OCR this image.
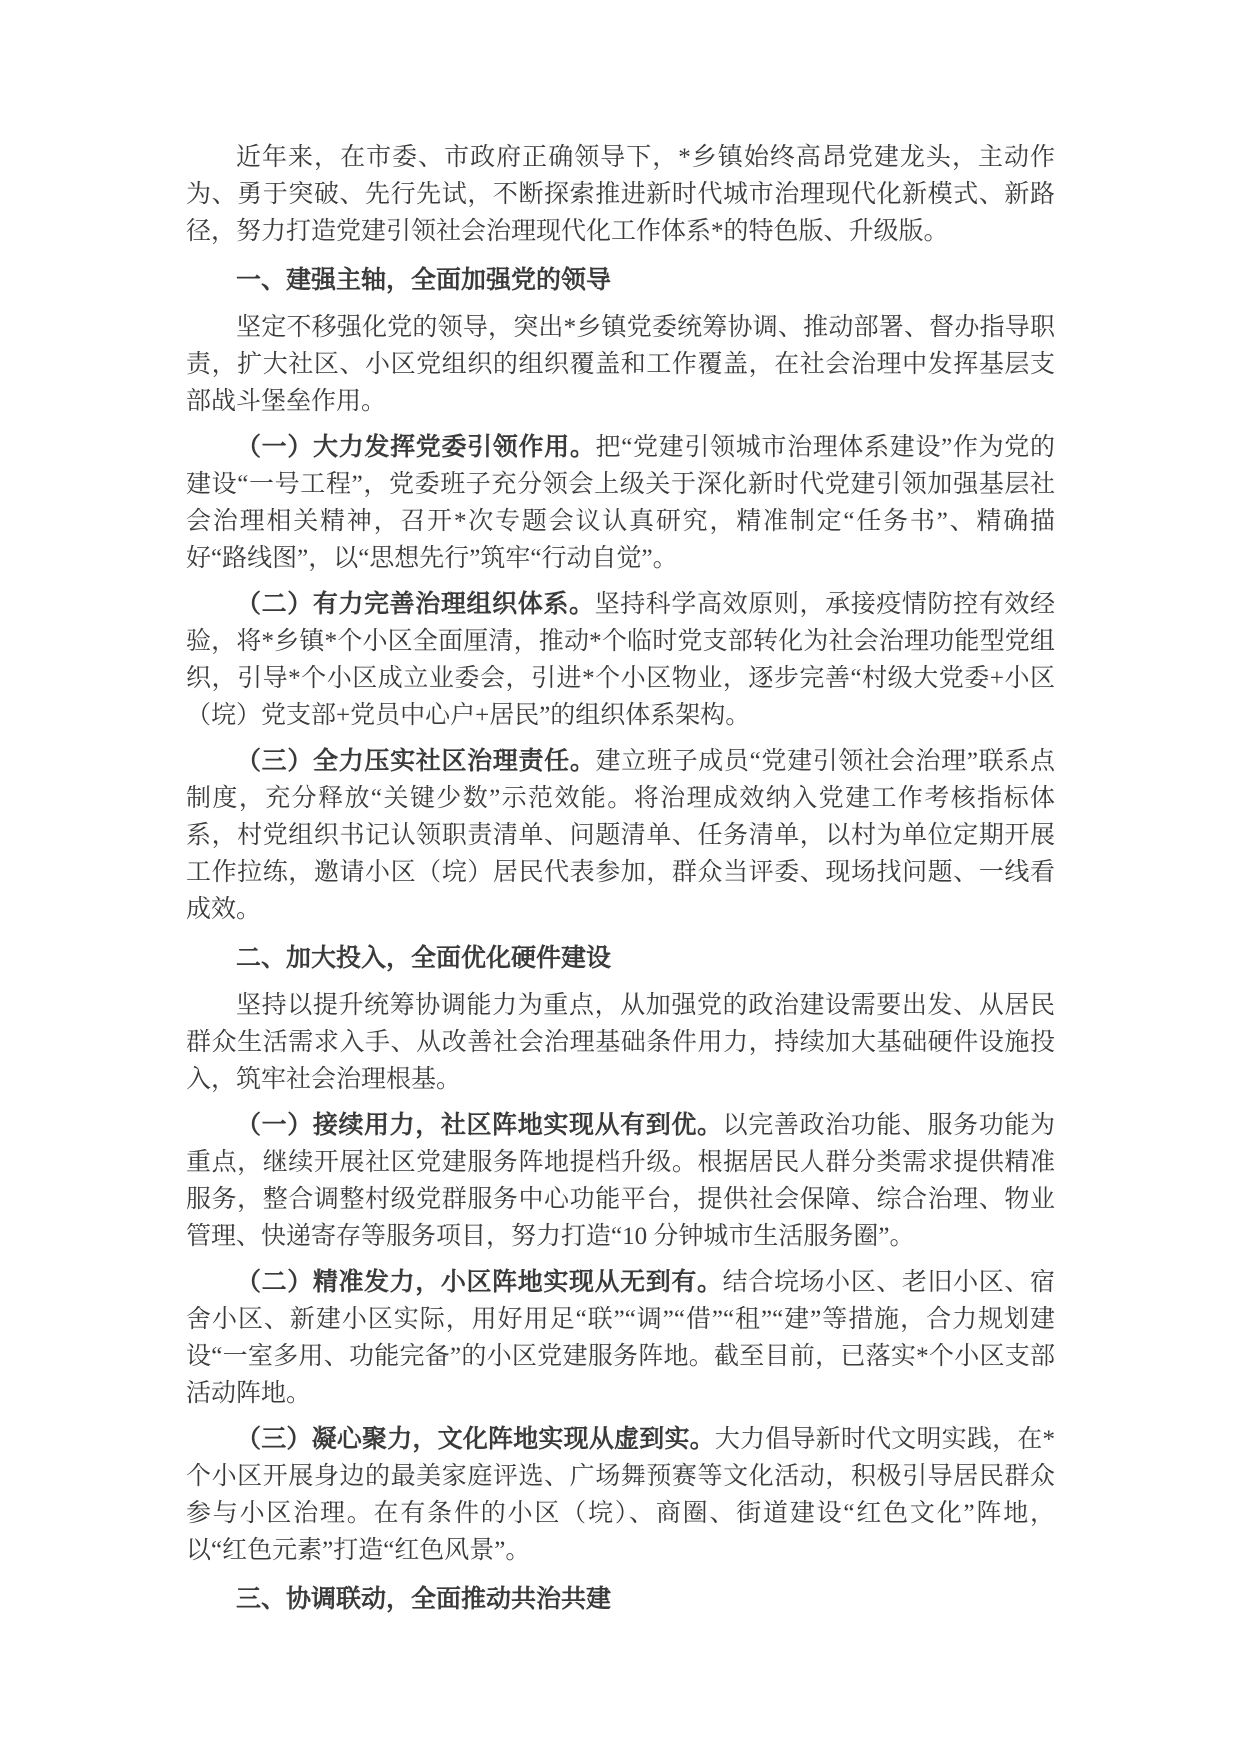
近年来，在市委、市政府正确领导下，*乡镇始终高昂党建龙头，主动作为、勇于突破、先行先试，不断探索推进新时代城市治理现代化新模式、新路径，努力打造党建引领社会治理现代化工作体系*的特色版、升级版。

一、建强主轴，全面加强党的领导

坚定不移强化党的领导，突出*乡镇党委统筹协调、推动部署、督办指导职责，扩大社区、小区党组织的组织覆盖和工作覆盖，在社会治理中发挥基层支部战斗堡垒作用。

（一）大力发挥党委引领作用。把“党建引领城市治理体系建设”作为党的建设“一号工程”，党委班子充分领会上级关于深化新时代党建引领加强基层社会治理相关精神，召开*次专题会议认真研究，精准制定“任务书”、精确描好“路线图”，以“思想先行”筑牢“行动自觉”。

（二）有力完善治理组织体系。坚持科学高效原则，承接疫情防控有效经验，将*乡镇*个小区全面厘清，推动*个临时党支部转化为社会治理功能型党组织，引导*个小区成立业委会，引进*个小区物业，逐步完善“村级大党委+小区（垸）党支部+党员中心户+居民”的组织体系架构。

（三）全力压实社区治理责任。建立班子成员“党建引领社会治理”联系点制度，充分释放“关键少数”示范效能。将治理成效纳入党建工作考核指标体系，村党组织书记认领职责清单、问题清单、任务清单，以村为单位定期开展工作拉练，邀请小区（垸）居民代表参加，群众当评委、现场找问题、一线看成效。

二、加大投入，全面优化硬件建设

坚持以提升统筹协调能力为重点，从加强党的政治建设需要出发、从居民群众生活需求入手、从改善社会治理基础条件用力，持续加大基础硬件设施投入，筑牢社会治理根基。

（一）接续用力，社区阵地实现从有到优。以完善政治功能、服务功能为重点，继续开展社区党建服务阵地提档升级。根据居民人群分类需求提供精准服务，整合调整村级党群服务中心功能平台，提供社会保障、综合治理、物业管理、快递寄存等服务项目，努力打造“10 分钟城市生活服务圈”。

（二）精准发力，小区阵地实现从无到有。结合垸场小区、老旧小区、宿舍小区、新建小区实际，用好用足“联”“调”“借”“租”“建”等措施，合力规划建设“一室多用、功能完备”的小区党建服务阵地。截至目前，已落实*个小区支部活动阵地。

（三）凝心聚力，文化阵地实现从虚到实。大力倡导新时代文明实践，在*个小区开展身边的最美家庭评选、广场舞预赛等文化活动，积极引导居民群众参与小区治理。在有条件的小区（垸）、商圈、街道建设“红色文化”阵地，以“红色元素”打造“红色风景”。

三、协调联动，全面推动共治共建
